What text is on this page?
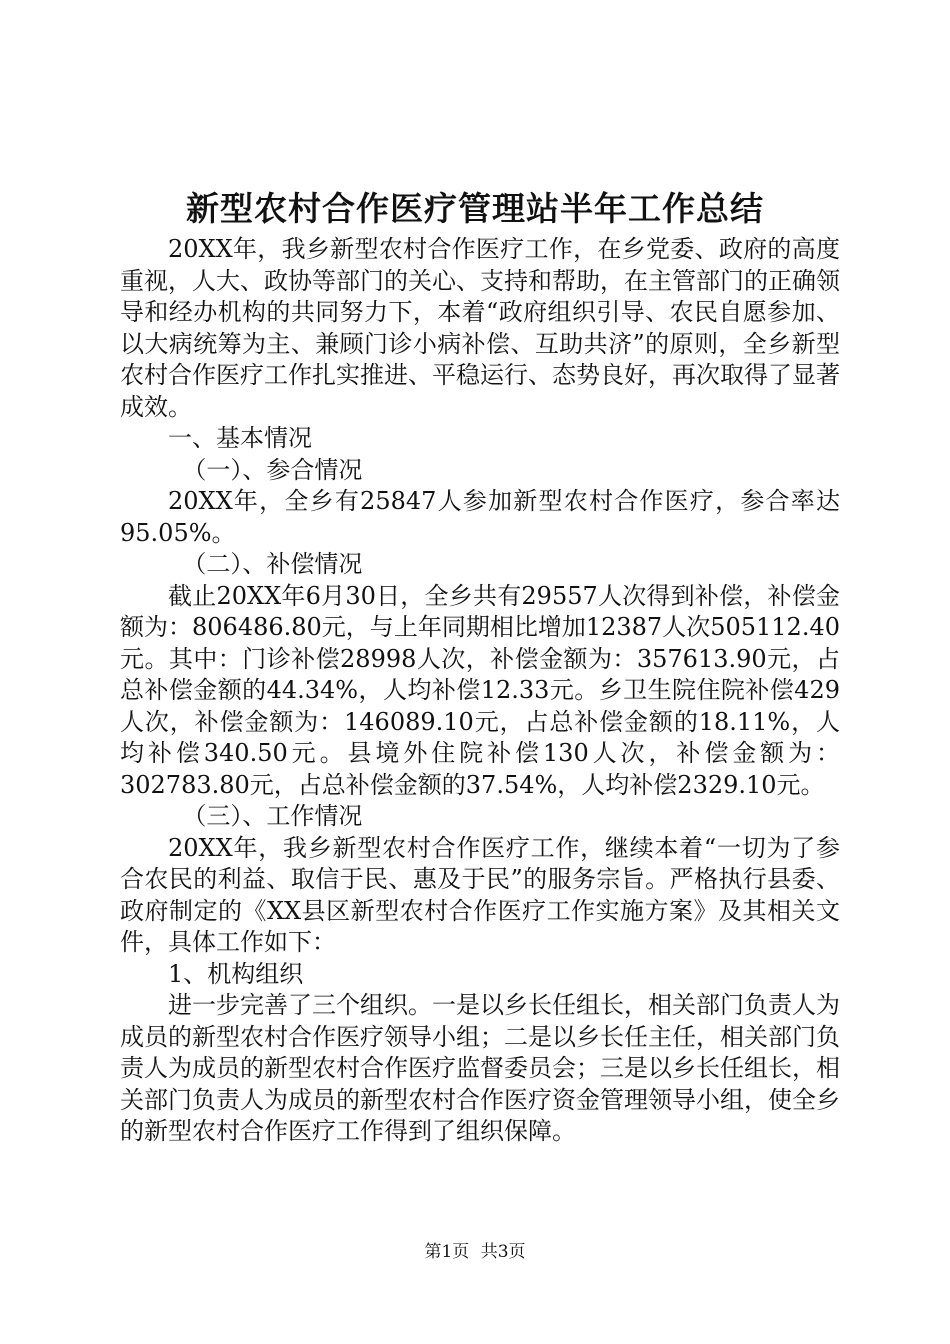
新型农村合作医疗管理站半年工作总结

20XX年，我乡新型农村合作医疗工作，在乡党委、政府的高度重视，人大、政协等部门的关心、支持和帮助，在主管部门的正确领导和经办机构的共同努力下，本着“政府组织引导、农民自愿参加、以大病统筹为主、兼顾门诊小病补偿、互助共济”的原则，全乡新型农村合作医疗工作扎实推进、平稳运行、态势良好，再次取得了显著成效。

一、基本情况

（一）、参合情况

20XX年，全乡有25847人参加新型农村合作医疗，参合率达95.05%。

（二）、补偿情况

截止20XX年6月30日，全乡共有29557人次得到补偿，补偿金额为：806486.80元，与上年同期相比增加12387人次505112.40元。其中：门诊补偿28998人次，补偿金额为：357613.90元，占总补偿金额的44.34%，人均补偿12.33元。乡卫生院住院补偿429人次，补偿金额为：146089.10元，占总补偿金额的18.11%，人均补偿340.50元。县境外住院补偿130人次，补偿金额为：302783.80元，占总补偿金额的37.54%，人均补偿2329.10元。

（三）、工作情况

20XX年，我乡新型农村合作医疗工作，继续本着“一切为了参合农民的利益、取信于民、惠及于民”的服务宗旨。严格执行县委、政府制定的《XX县区新型农村合作医疗工作实施方案》及其相关文件，具体工作如下：

1、机构组织

进一步完善了三个组织。一是以乡长任组长，相关部门负责人为成员的新型农村合作医疗领导小组；二是以乡长任主任，相关部门负责人为成员的新型农村合作医疗监督委员会；三是以乡长任组长，相关部门负责人为成员的新型农村合作医疗资金管理领导小组，使全乡的新型农村合作医疗工作得到了组织保障。

第1页 共3页
